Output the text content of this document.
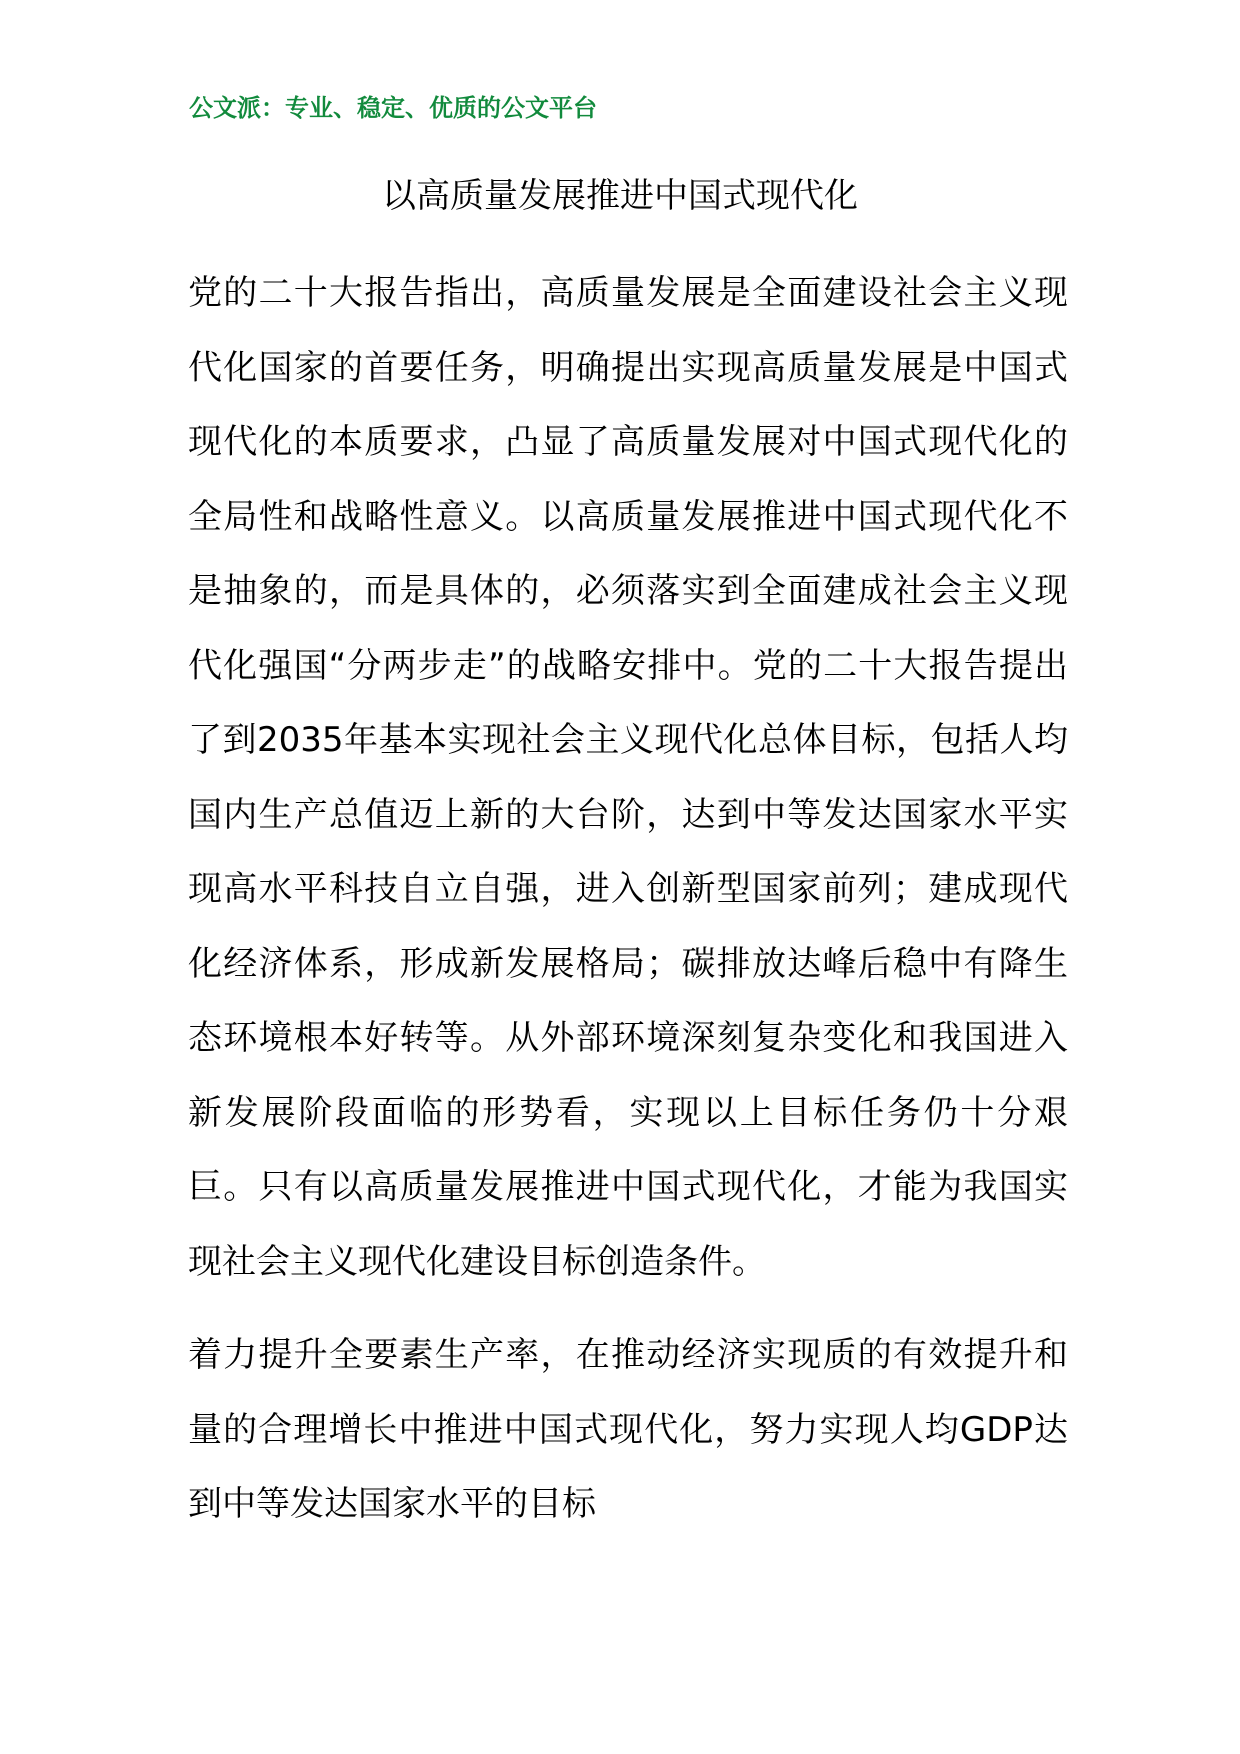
公文派：专业、稳定、优质的公文平台
以高质量发展推进中国式现代化
党的二十大报告指出，高质量发展是全面建设社会主义现代化国家的首要任务，明确提出实现高质量发展是中国式现代化的本质要求，凸显了高质量发展对中国式现代化的全局性和战略性意义。以高质量发展推进中国式现代化不是抽象的，而是具体的，必须落实到全面建成社会主义现代化强国“分两步走”的战略安排中。党的二十大报告提出了到2035年基本实现社会主义现代化总体目标，包括人均国内生产总值迈上新的大台阶，达到中等发达国家水平实现高水平科技自立自强，进入创新型国家前列；建成现代化经济体系，形成新发展格局；碳排放达峰后稳中有降生态环境根本好转等。从外部环境深刻复杂变化和我国进入新发展阶段面临的形势看，实现以上目标任务仍十分艰巨。只有以高质量发展推进中国式现代化，才能为我国实现社会主义现代化建设目标创造条件。
着力提升全要素生产率，在推动经济实现质的有效提升和量的合理增长中推进中国式现代化，努力实现人均GDP达到中等发达国家水平的目标
